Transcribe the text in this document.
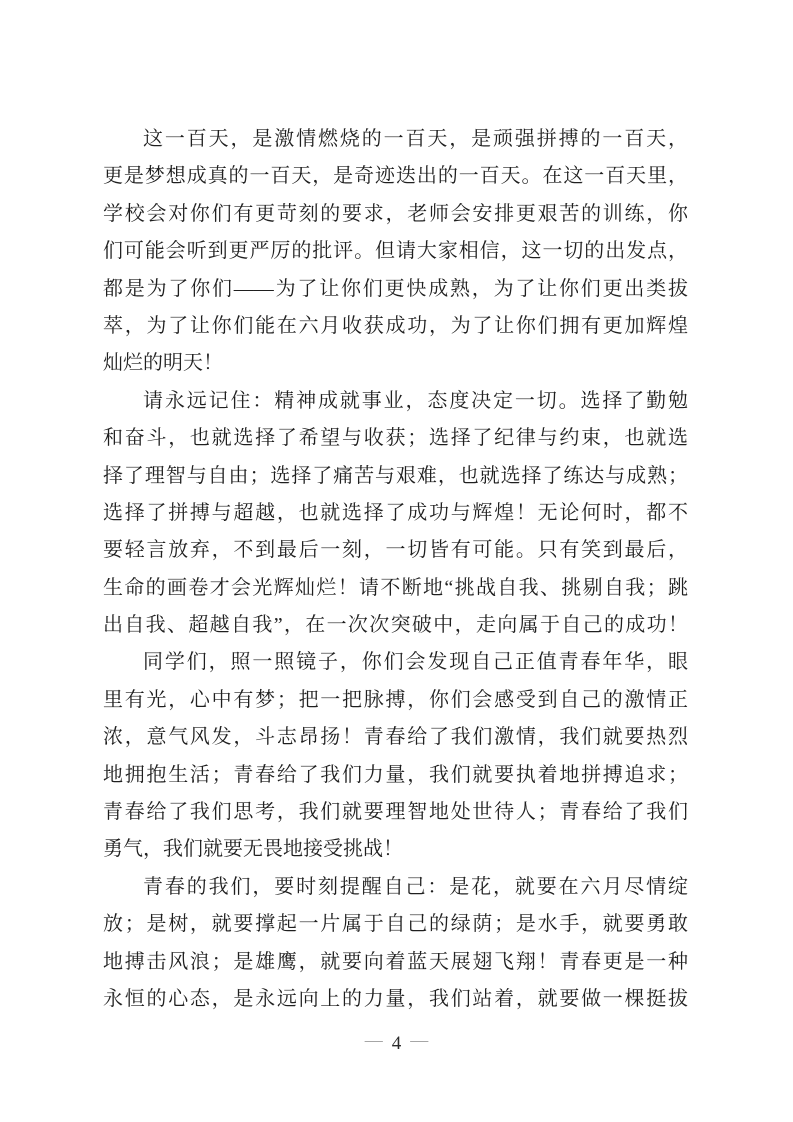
这一百天，是激情燃烧的一百天，是顽强拼搏的一百天，
更是梦想成真的一百天，是奇迹迭出的一百天。在这一百天里，
学校会对你们有更苛刻的要求，老师会安排更艰苦的训练，你
们可能会听到更严厉的批评。但请大家相信，这一切的出发点，
都是为了你们——为了让你们更快成熟，为了让你们更出类拔
萃，为了让你们能在六月收获成功，为了让你们拥有更加辉煌
灿烂的明天！
请永远记住：精神成就事业，态度决定一切。选择了勤勉
和奋斗，也就选择了希望与收获；选择了纪律与约束，也就选
择了理智与自由；选择了痛苦与艰难，也就选择了练达与成熟；
选择了拼搏与超越，也就选择了成功与辉煌！无论何时，都不
要轻言放弃，不到最后一刻，一切皆有可能。只有笑到最后，
生命的画卷才会光辉灿烂！请不断地“挑战自我、挑剔自我；跳
出自我、超越自我”，在一次次突破中，走向属于自己的成功！
同学们，照一照镜子，你们会发现自己正值青春年华，眼
里有光，心中有梦；把一把脉搏，你们会感受到自己的激情正
浓，意气风发，斗志昂扬！青春给了我们激情，我们就要热烈
地拥抱生活；青春给了我们力量，我们就要执着地拼搏追求；
青春给了我们思考，我们就要理智地处世待人；青春给了我们
勇气，我们就要无畏地接受挑战！
青春的我们，要时刻提醒自己：是花，就要在六月尽情绽
放；是树，就要撑起一片属于自己的绿荫；是水手，就要勇敢
地搏击风浪；是雄鹰，就要向着蓝天展翅飞翔！青春更是一种
永恒的心态，是永远向上的力量，我们站着，就要做一棵挺拔
— 4 —
